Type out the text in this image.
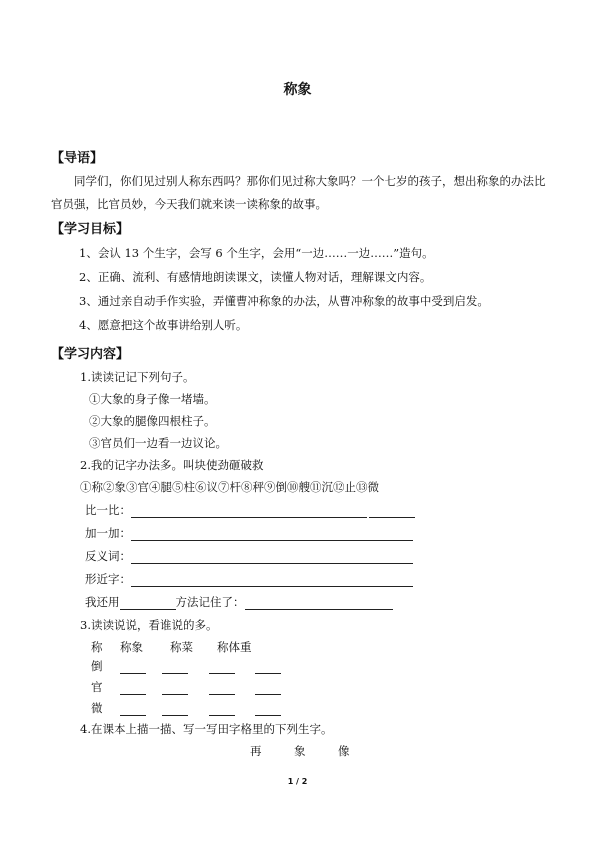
称象
【导语】
同学们，你们见过别人称东西吗？那你们见过称大象吗？一个七岁的孩子，想出称象的办法比官员强，比官员妙，今天我们就来读一读称象的故事。
【学习目标】
1、会认 13 个生字，会写 6 个生字，会用“一边……一边……”造句。
2、正确、流利、有感情地朗读课文，读懂人物对话，理解课文内容。
3、通过亲自动手作实验，弄懂曹冲称象的办法，从曹冲称象的故事中受到启发。
4、愿意把这个故事讲给别人听。
【学习内容】
1.读读记记下列句子。
①大象的身子像一堵墙。
②大象的腿像四根柱子。
③官员们一边看一边议论。
2.我的记字办法多。叫块使劲砸破救
①称②象③官④腿⑤柱⑥议⑦杆⑧秤⑨倒⑩艘⑪沉⑫止⑬微
比一比：
加一加：
反义词：
形近字：
我还用	方法记住了：
3.读读说说，看谁说的多。
称 称象 称菜 称体重
倒
官
微
4.在课本上描一描、写一写田字格里的下列生字。
再	象	像
1 / 2
